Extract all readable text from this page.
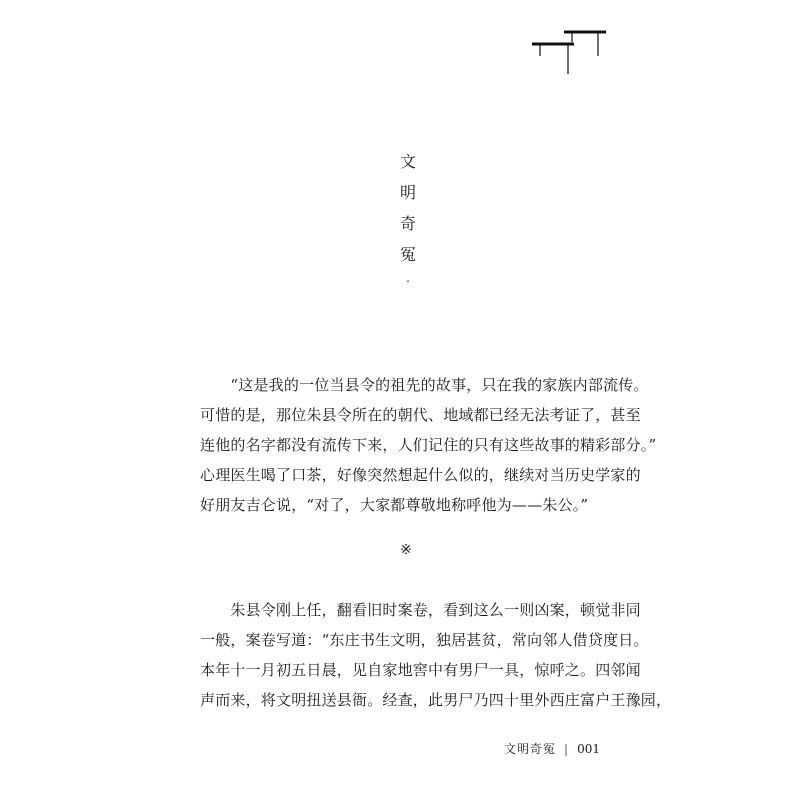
文
明
奇
冤
-
　　“这是我的一位当县令的祖先的故事，只在我的家族内部流传。
可惜的是，那位朱县令所在的朝代、地域都已经无法考证了，甚至
连他的名字都没有流传下来，人们记住的只有这些故事的精彩部分。”
心理医生喝了口茶，好像突然想起什么似的，继续对当历史学家的
好朋友吉仑说，“对了，大家都尊敬地称呼他为——朱公。”
※
　　朱县令刚上任，翻看旧时案卷，看到这么一则凶案，顿觉非同
一般，案卷写道：“东庄书生文明，独居甚贫，常向邻人借贷度日。
本年十一月初五日晨，见自家地窖中有男尸一具，惊呼之。四邻闻
声而来，将文明扭送县衙。经查，此男尸乃四十里外西庄富户王豫园，
文明奇冤 | 001
